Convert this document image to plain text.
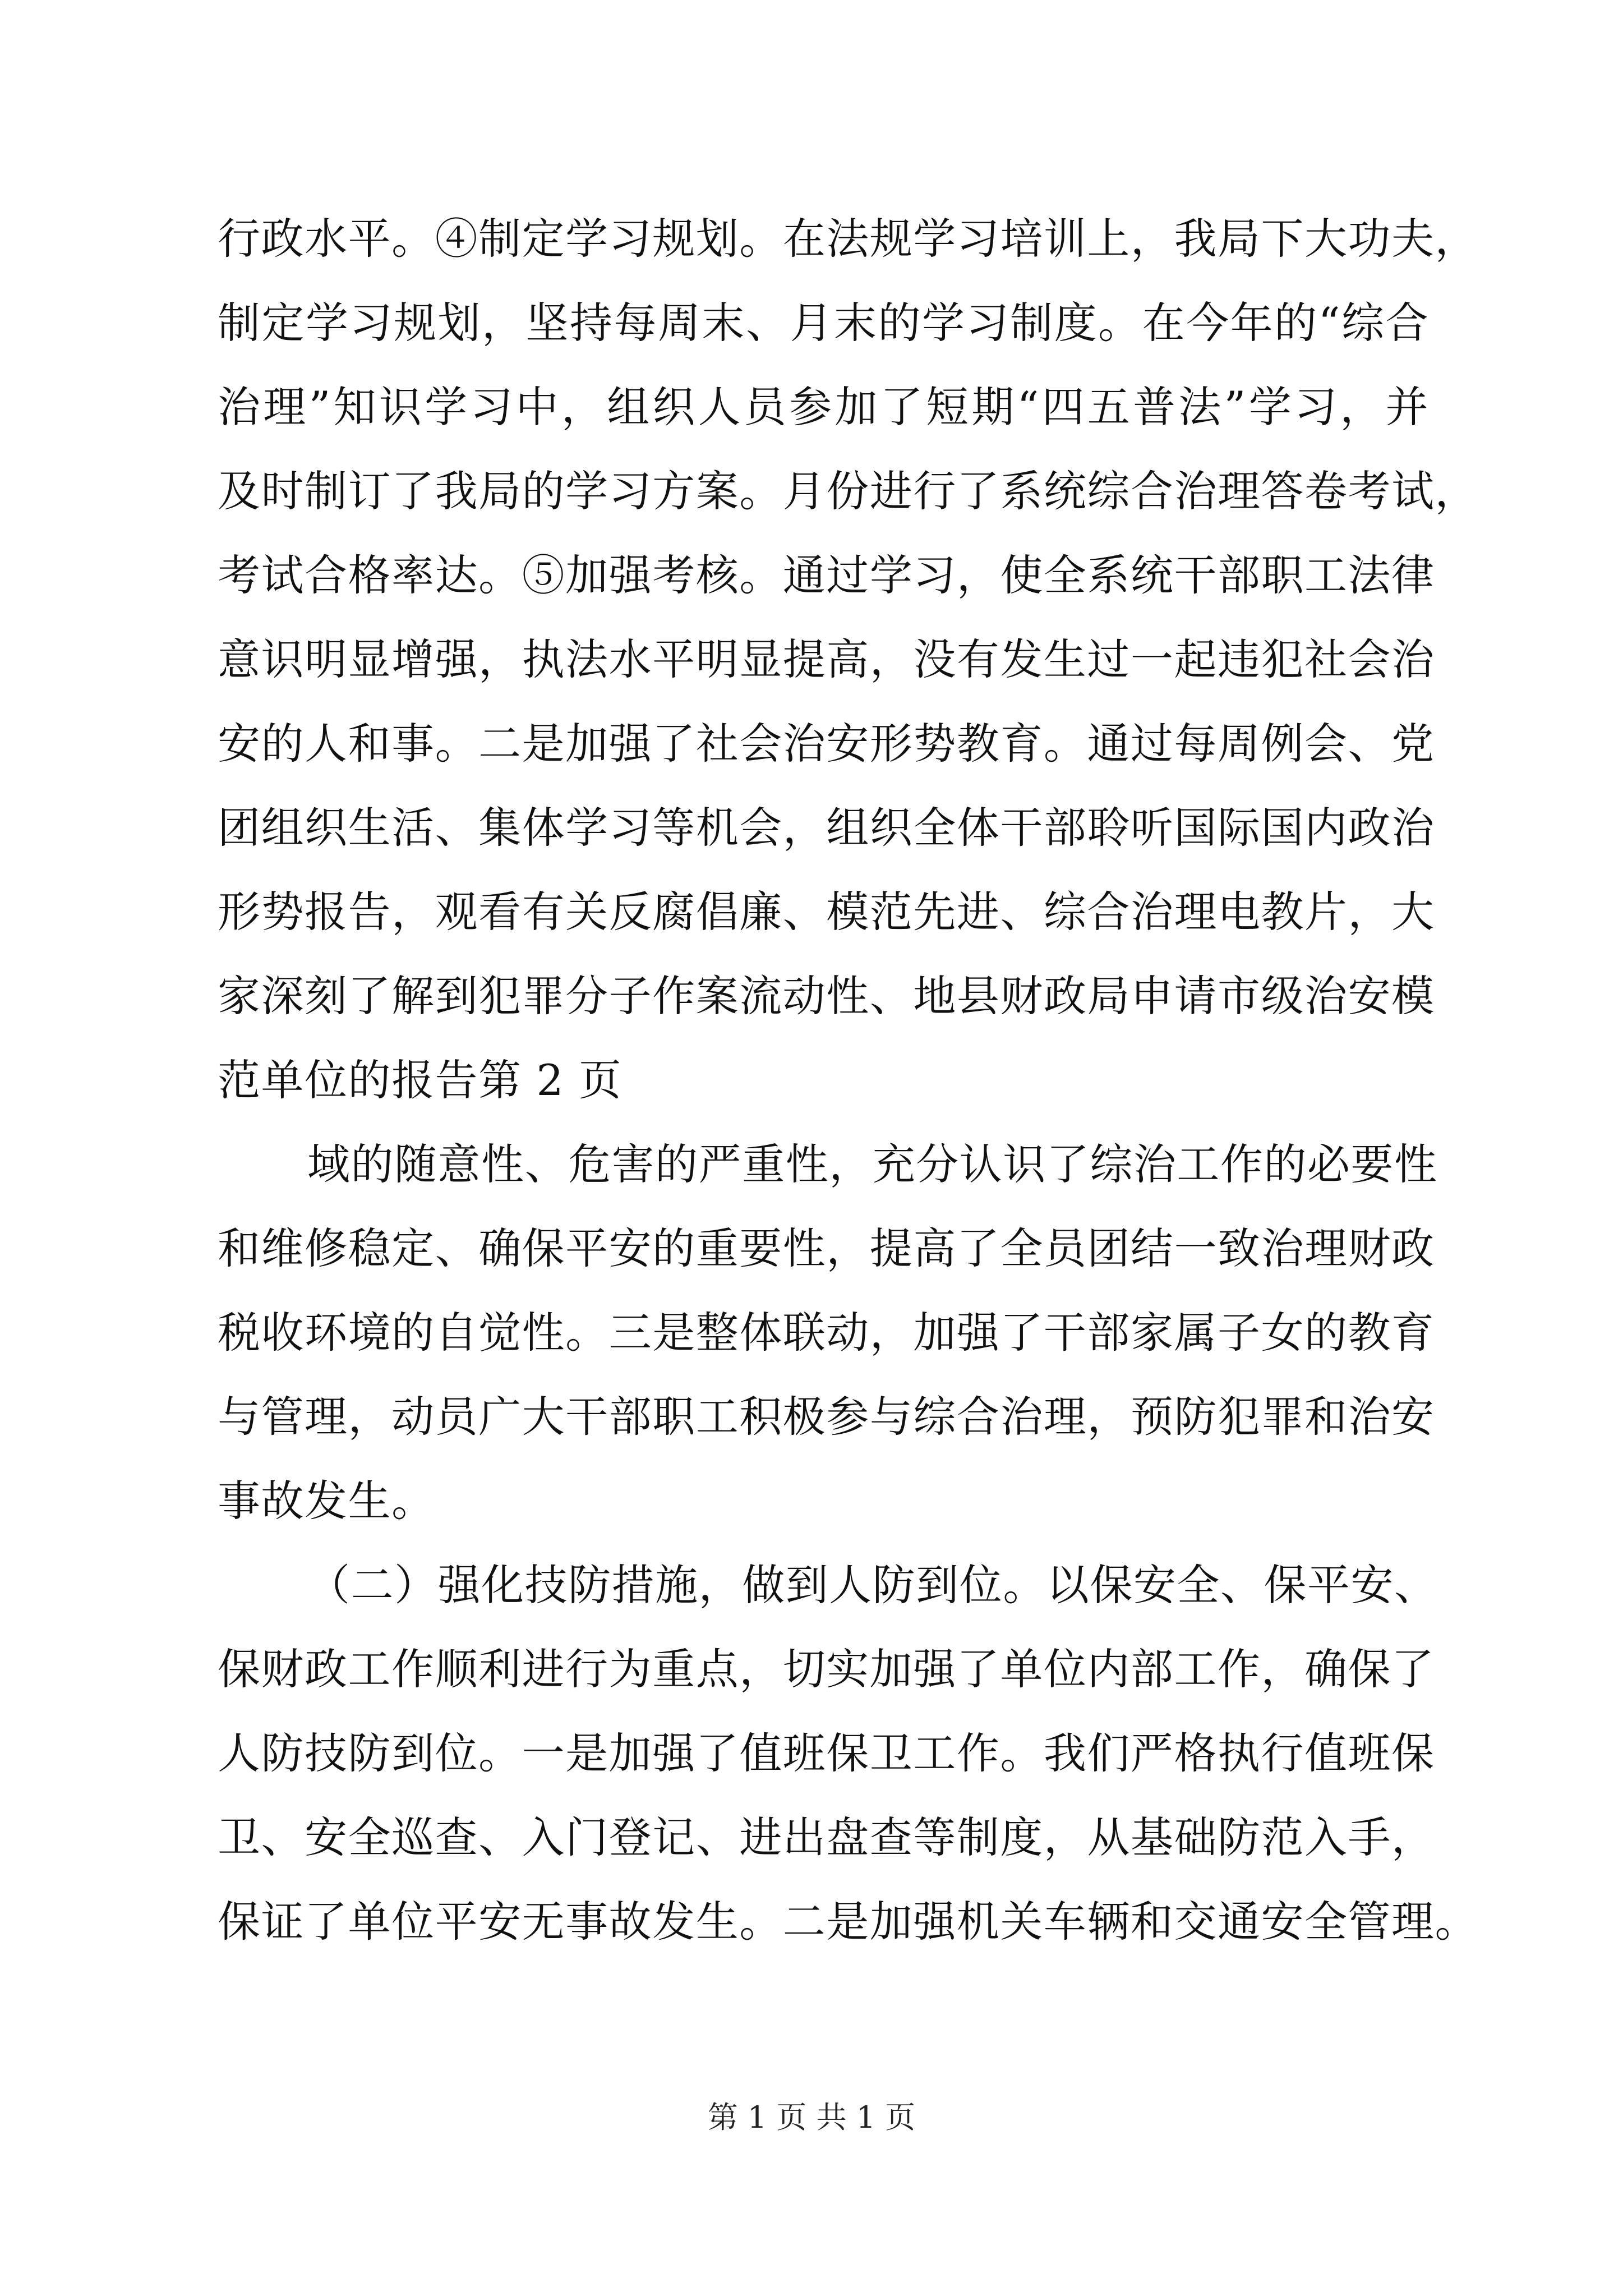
行政水平。④制定学习规划。在法规学习培训上，我局下大功夫，
制定学习规划，坚持每周末、月末的学习制度。在今年的“综合
治理”知识学习中，组织人员参加了短期“四五普法”学习，并
及时制订了我局的学习方案。月份进行了系统综合治理答卷考试，
考试合格率达。⑤加强考核。通过学习，使全系统干部职工法律
意识明显增强，执法水平明显提高，没有发生过一起违犯社会治
安的人和事。二是加强了社会治安形势教育。通过每周例会、党
团组织生活、集体学习等机会，组织全体干部聆听国际国内政治
形势报告，观看有关反腐倡廉、模范先进、综合治理电教片，大
家深刻了解到犯罪分子作案流动性、地县财政局申请市级治安模
范单位的报告第 2 页
域的随意性、危害的严重性，充分认识了综治工作的必要性
和维修稳定、确保平安的重要性，提高了全员团结一致治理财政
税收环境的自觉性。三是整体联动，加强了干部家属子女的教育
与管理，动员广大干部职工积极参与综合治理，预防犯罪和治安
事故发生。
（二）强化技防措施，做到人防到位。以保安全、保平安、
保财政工作顺利进行为重点，切实加强了单位内部工作，确保了
人防技防到位。一是加强了值班保卫工作。我们严格执行值班保
卫、安全巡查、入门登记、进出盘查等制度，从基础防范入手，
保证了单位平安无事故发生。二是加强机关车辆和交通安全管理。
第 1 页 共 1 页
